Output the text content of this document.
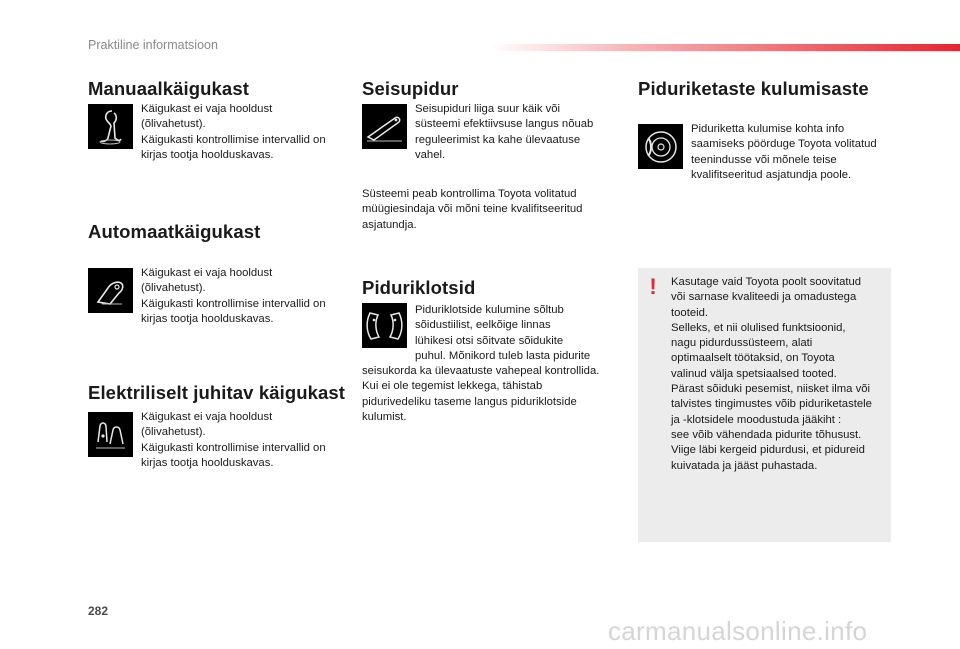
Praktiline informatsioon
Manuaalkäigukast

Käigukast ei vaja hooldust

(õlivahetust).

Käigukasti kontrollimise intervallid on

kirjas tootja hoolduskavas.

Automaatkäigukast

Käigukast ei vaja hooldust

(õlivahetust).

Käigukasti kontrollimise intervallid on

kirjas tootja hoolduskavas.

Elektriliselt juhitav käigukast

Käigukast ei vaja hooldust

(õlivahetust).

Käigukasti kontrollimise intervallid on

kirjas tootja hoolduskavas.

Seisupidur

Seisupiduri liiga suur käik või

süsteemi efektiivsuse langus nõuab

reguleerimist ka kahe ülevaatuse

vahel.

Süsteemi peab kontrollima Toyota volitatud

müügiesindaja või mõni teine kvalifitseeritud

asjatundja.

Piduriklotsid

Piduriklotside kulumine sõltub

sõidustiilist, eelkõige linnas

lühikesi otsi sõitvate sõidukite

puhul. Mõnikord tuleb lasta pidurite

seisukorda ka ülevaatuste vahepeal kontrollida.

Kui ei ole tegemist lekkega, tähistab

pidurivedeliku taseme langus piduriklotside

kulumist.

Piduriketaste kulumisaste

Piduriketta kulumise kohta info

saamiseks pöörduge Toyota volitatud

teenindusse või mõnele teise

kvalifitseeritud asjatundja poole.

! Kasutage vaid Toyota poolt soovitatud

või sarnase kvaliteedi ja omadustega

tooteid.

Selleks, et nii olulised funktsioonid,

nagu pidurdussüsteem, alati

optimaalselt töötaksid, on Toyota

valinud välja spetsiaalsed tooted.

Pärast sõiduki pesemist, niisket ilma või

talvistes tingimustes võib piduriketastele

ja -klotsidele moodustuda jääkiht :

see võib vähendada pidurite tõhusust.

Viige läbi kergeid pidurdusi, et pidureid

kuivatada ja jääst puhastada.

282
carmanualsonline.info
